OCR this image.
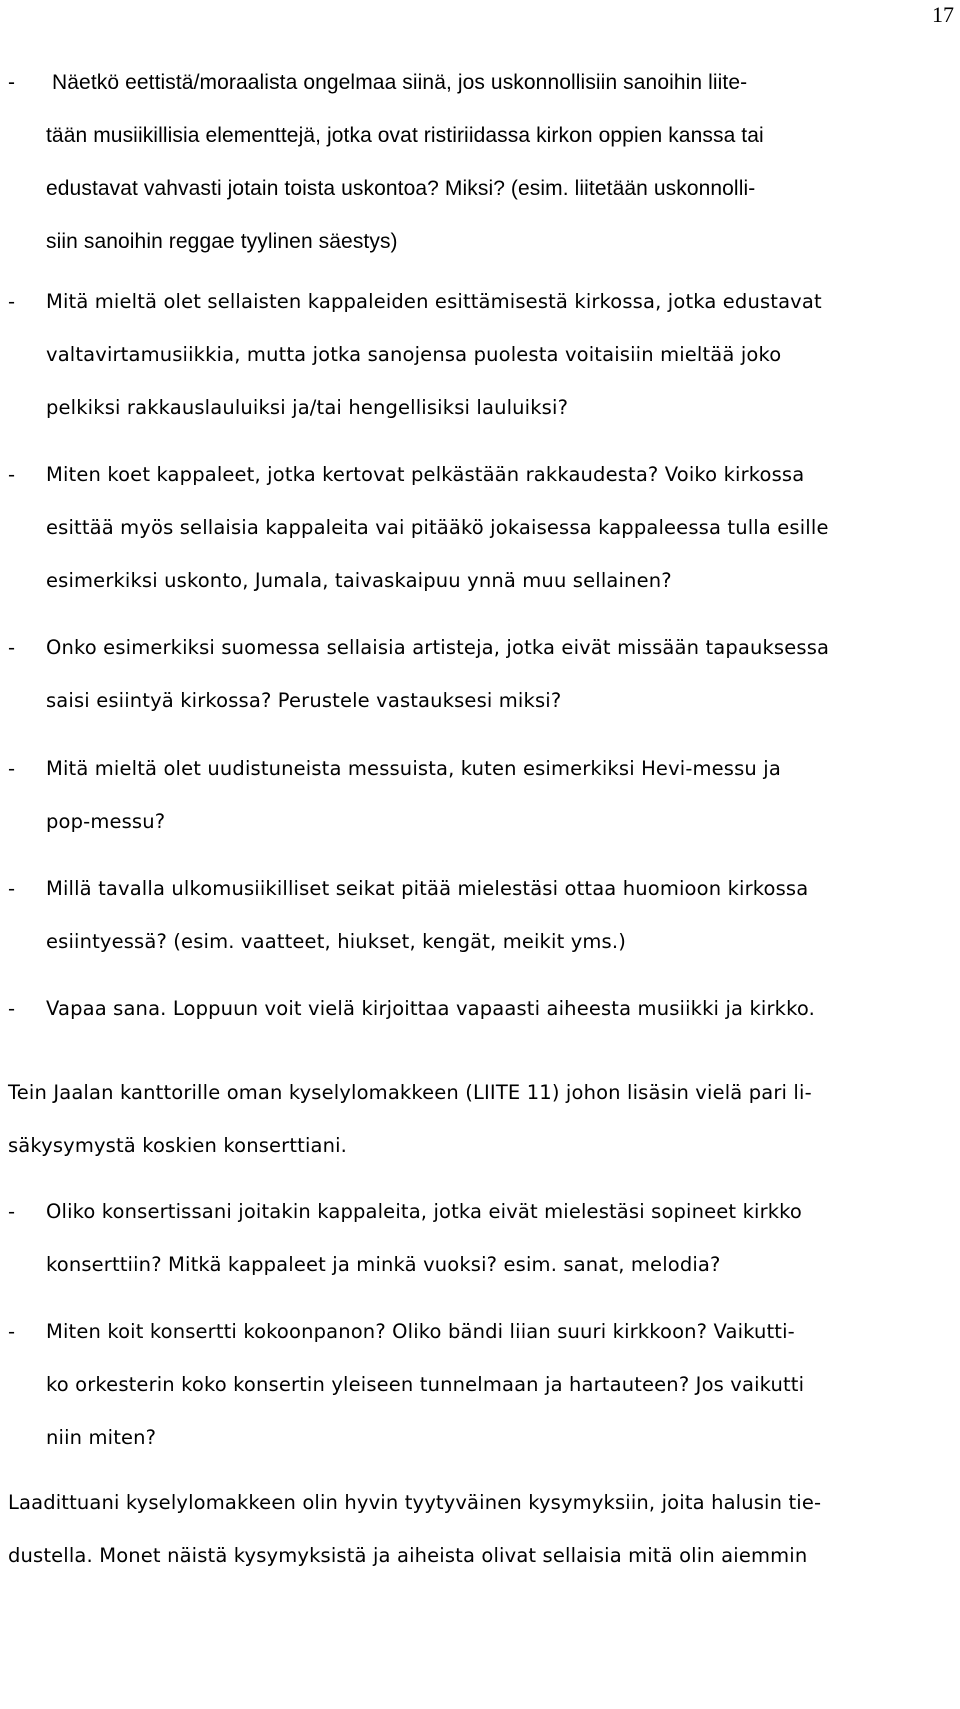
17
-	Näetkö eettistä/moraalista ongelmaa siinä, jos uskonnollisiin sanoihin liite-
tään musiikillisia elementtejä, jotka ovat ristiriidassa kirkon oppien kanssa tai
edustavat vahvasti jotain toista uskontoa? Miksi? (esim. liitetään uskonnolli-
siin sanoihin reggae tyylinen säestys)
-	Mitä mieltä olet sellaisten kappaleiden esittämisestä kirkossa, jotka edustavat
valtavirtamusiikkia, mutta jotka sanojensa puolesta voitaisiin mieltää joko
pelkiksi rakkauslauluiksi ja/tai hengellisiksi lauluiksi?
-	Miten koet kappaleet, jotka kertovat pelkästään rakkaudesta? Voiko kirkossa
esittää myös sellaisia kappaleita vai pitääkö jokaisessa kappaleessa tulla esille
esimerkiksi uskonto, Jumala, taivaskaipuu ynnä muu sellainen?
-	Onko esimerkiksi suomessa sellaisia artisteja, jotka eivät missään tapauksessa
saisi esiintyä kirkossa? Perustele vastauksesi miksi?
-	Mitä mieltä olet uudistuneista messuista, kuten esimerkiksi Hevi-messu ja
pop-messu?
-	Millä tavalla ulkomusiikilliset seikat pitää mielestäsi ottaa huomioon kirkossa
esiintyessä? (esim. vaatteet, hiukset, kengät, meikit yms.)
-	Vapaa sana. Loppuun voit vielä kirjoittaa vapaasti aiheesta musiikki ja kirkko.
Tein Jaalan kanttorille oman kyselylomakkeen (LIITE 11) johon lisäsin vielä pari li-
säkysymystä koskien konserttiani.
-	Oliko konsertissani joitakin kappaleita, jotka eivät mielestäsi sopineet kirkko
konserttiin? Mitkä kappaleet ja minkä vuoksi? esim. sanat, melodia?
-	Miten koit konsertti kokoonpanon? Oliko bändi liian suuri kirkkoon? Vaikutti-
ko orkesterin koko konsertin yleiseen tunnelmaan ja hartauteen? Jos vaikutti
niin miten?
Laadittuani kyselylomakkeen olin hyvin tyytyväinen kysymyksiin, joita halusin tie-
dustella. Monet näistä kysymyksistä ja aiheista olivat sellaisia mitä olin aiemmin
